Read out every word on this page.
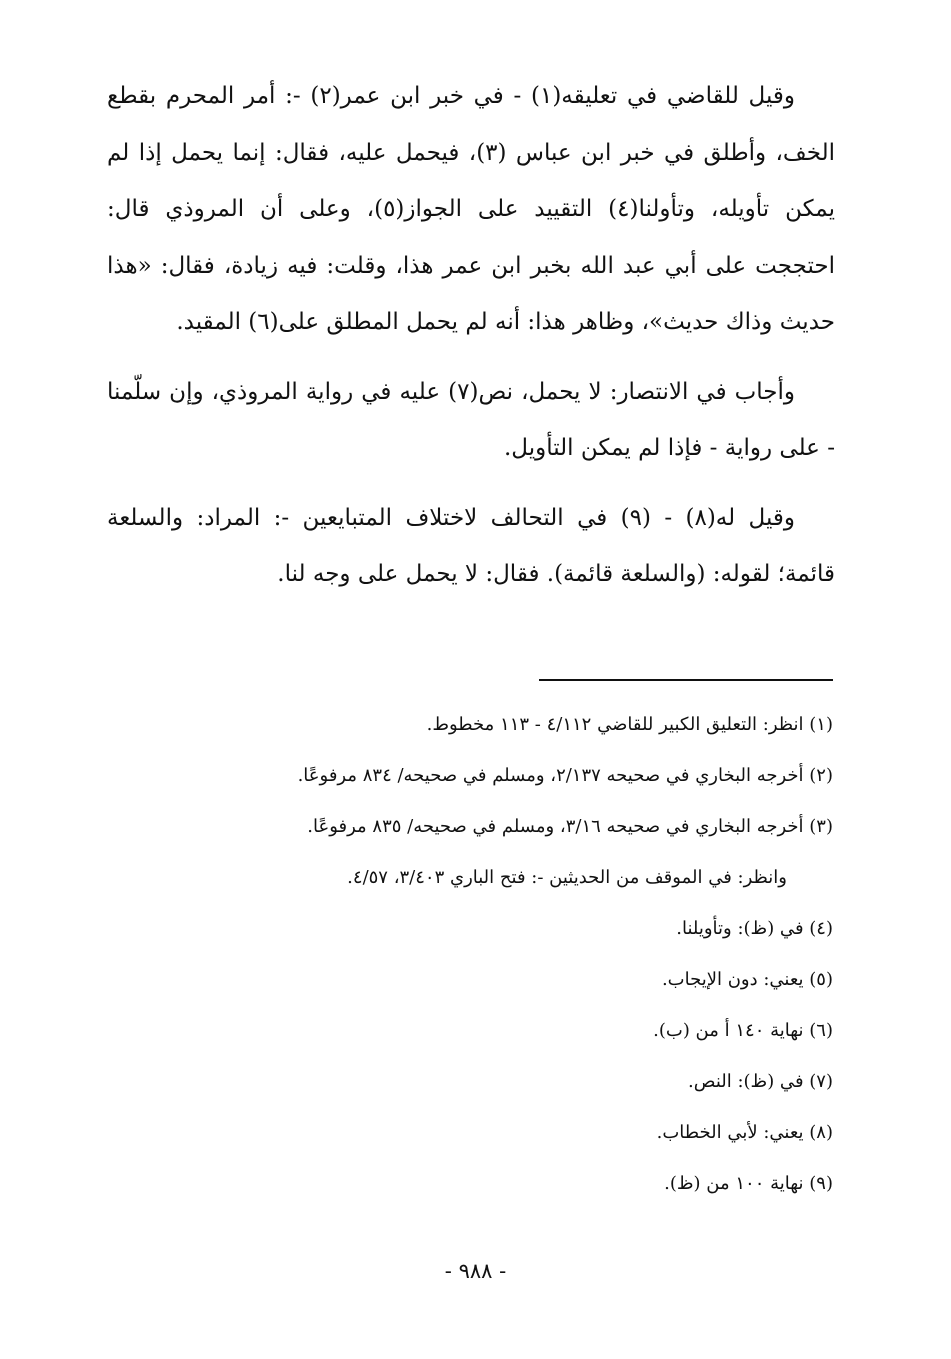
وقيل للقاضي في تعليقه(١) - في خبر ابن عمر(٢) -: أمر المحرم بقطع الخف، وأطلق في خبر ابن عباس (٣)، فيحمل عليه، فقال: إنما يحمل إذا لم يمكن تأويله، وتأولنا(٤) التقييد على الجواز(٥)، وعلى أن المروذي قال: احتججت على أبي عبد الله بخبر ابن عمر هذا، وقلت: فيه زيادة، فقال: «هذا حديث وذاك حديث»، وظاهر هذا: أنه لم يحمل المطلق على(٦) المقيد.

وأجاب في الانتصار: لا يحمل، نص(٧) عليه في رواية المروذي، وإن سلّمنا - على رواية - فإذا لم يمكن التأويل.

وقيل له(٨) - (٩) في التحالف لاختلاف المتبايعين -: المراد: والسلعة قائمة؛ لقوله: (والسلعة قائمة). فقال: لا يحمل على وجه لنا.

(١) انظر: التعليق الكبير للقاضي ٤/١١٢ - ١١٣ مخطوط.
(٢) أخرجه البخاري في صحيحه ٢/١٣٧، ومسلم في صحيحه/ ٨٣٤ مرفوعًا.
(٣) أخرجه البخاري في صحيحه ٣/١٦، ومسلم في صحيحه/ ٨٣٥ مرفوعًا.
وانظر: في الموقف من الحديثين -: فتح الباري ٣/٤٠٣، ٤/٥٧.
(٤) في (ظ): وتأويلنا.
(٥) يعني: دون الإيجاب.
(٦) نهاية ١٤٠ أ من (ب).
(٧) في (ظ): النص.
(٨) يعني: لأبي الخطاب.
(٩) نهاية ١٠٠ من (ظ).
- ٩٨٨ -
